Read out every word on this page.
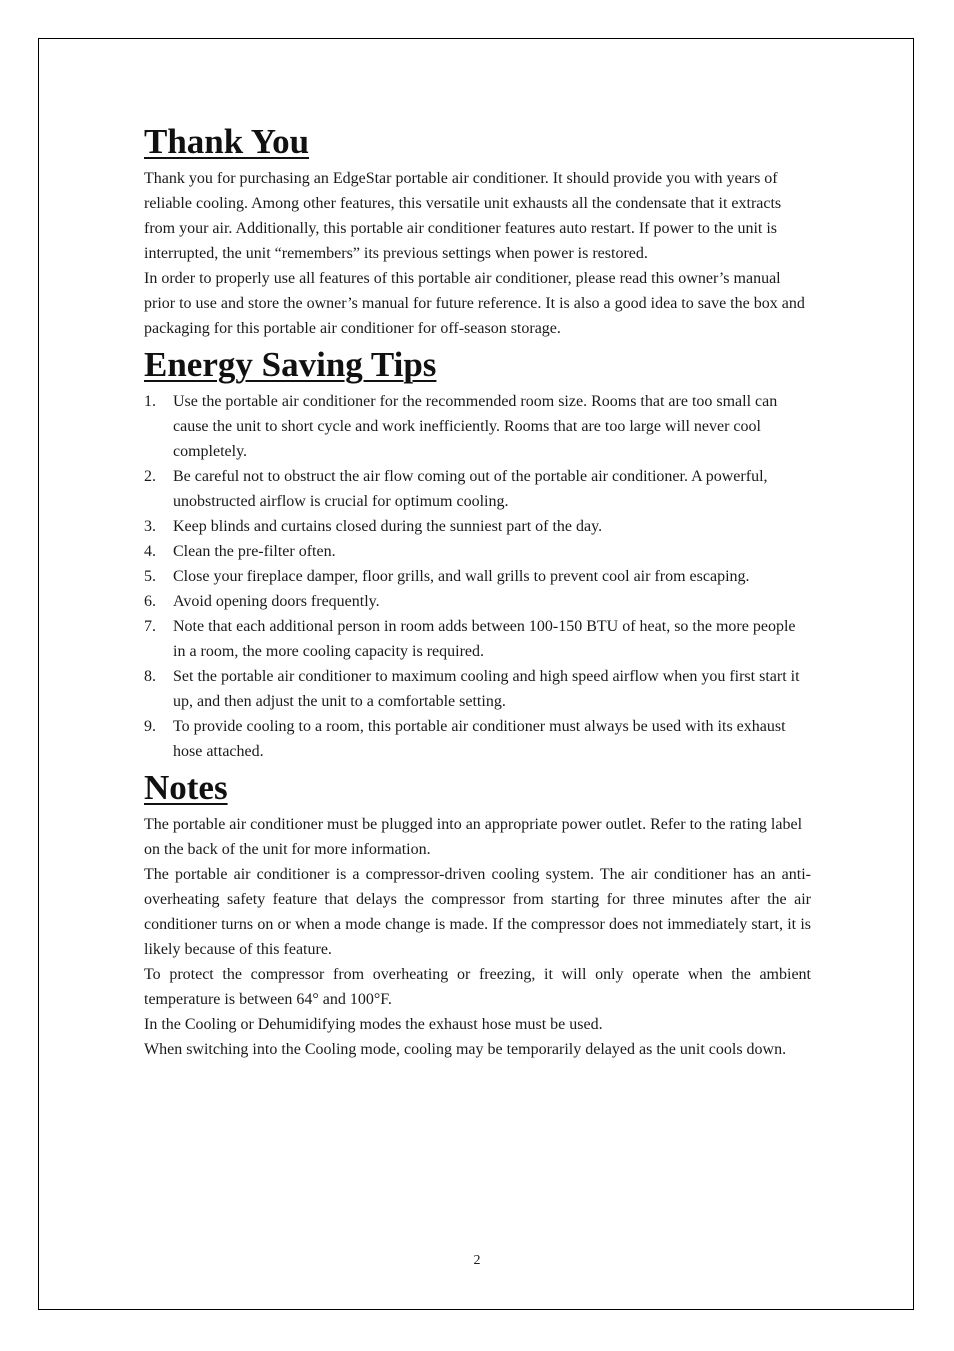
Thank You

Thank you for purchasing an EdgeStar portable air conditioner. It should provide you with years of reliable cooling. Among other features, this versatile unit exhausts all the condensate that it extracts from your air. Additionally, this portable air conditioner features auto restart. If power to the unit is interrupted, the unit “remembers” its previous settings when power is restored.

In order to properly use all features of this portable air conditioner, please read this owner’s manual prior to use and store the owner’s manual for future reference. It is also a good idea to save the box and packaging for this portable air conditioner for off-season storage.

Energy Saving Tips
1. Use the portable air conditioner for the recommended room size. Rooms that are too small can cause the unit to short cycle and work inefficiently. Rooms that are too large will never cool completely.
2. Be careful not to obstruct the air flow coming out of the portable air conditioner. A powerful, unobstructed airflow is crucial for optimum cooling.
3. Keep blinds and curtains closed during the sunniest part of the day.
4. Clean the pre-filter often.
5. Close your fireplace damper, floor grills, and wall grills to prevent cool air from escaping.
6. Avoid opening doors frequently.
7. Note that each additional person in room adds between 100-150 BTU of heat, so the more people in a room, the more cooling capacity is required.
8. Set the portable air conditioner to maximum cooling and high speed airflow when you first start it up, and then adjust the unit to a comfortable setting.
9. To provide cooling to a room, this portable air conditioner must always be used with its exhaust hose attached.
Notes

The portable air conditioner must be plugged into an appropriate power outlet. Refer to the rating label on the back of the unit for more information.

The portable air conditioner is a compressor-driven cooling system. The air conditioner has an anti-overheating safety feature that delays the compressor from starting for three minutes after the air conditioner turns on or when a mode change is made. If the compressor does not immediately start, it is likely because of this feature.

To protect the compressor from overheating or freezing, it will only operate when the ambient temperature is between 64° and 100°F.

In the Cooling or Dehumidifying modes the exhaust hose must be used.

When switching into the Cooling mode, cooling may be temporarily delayed as the unit cools down.

2
